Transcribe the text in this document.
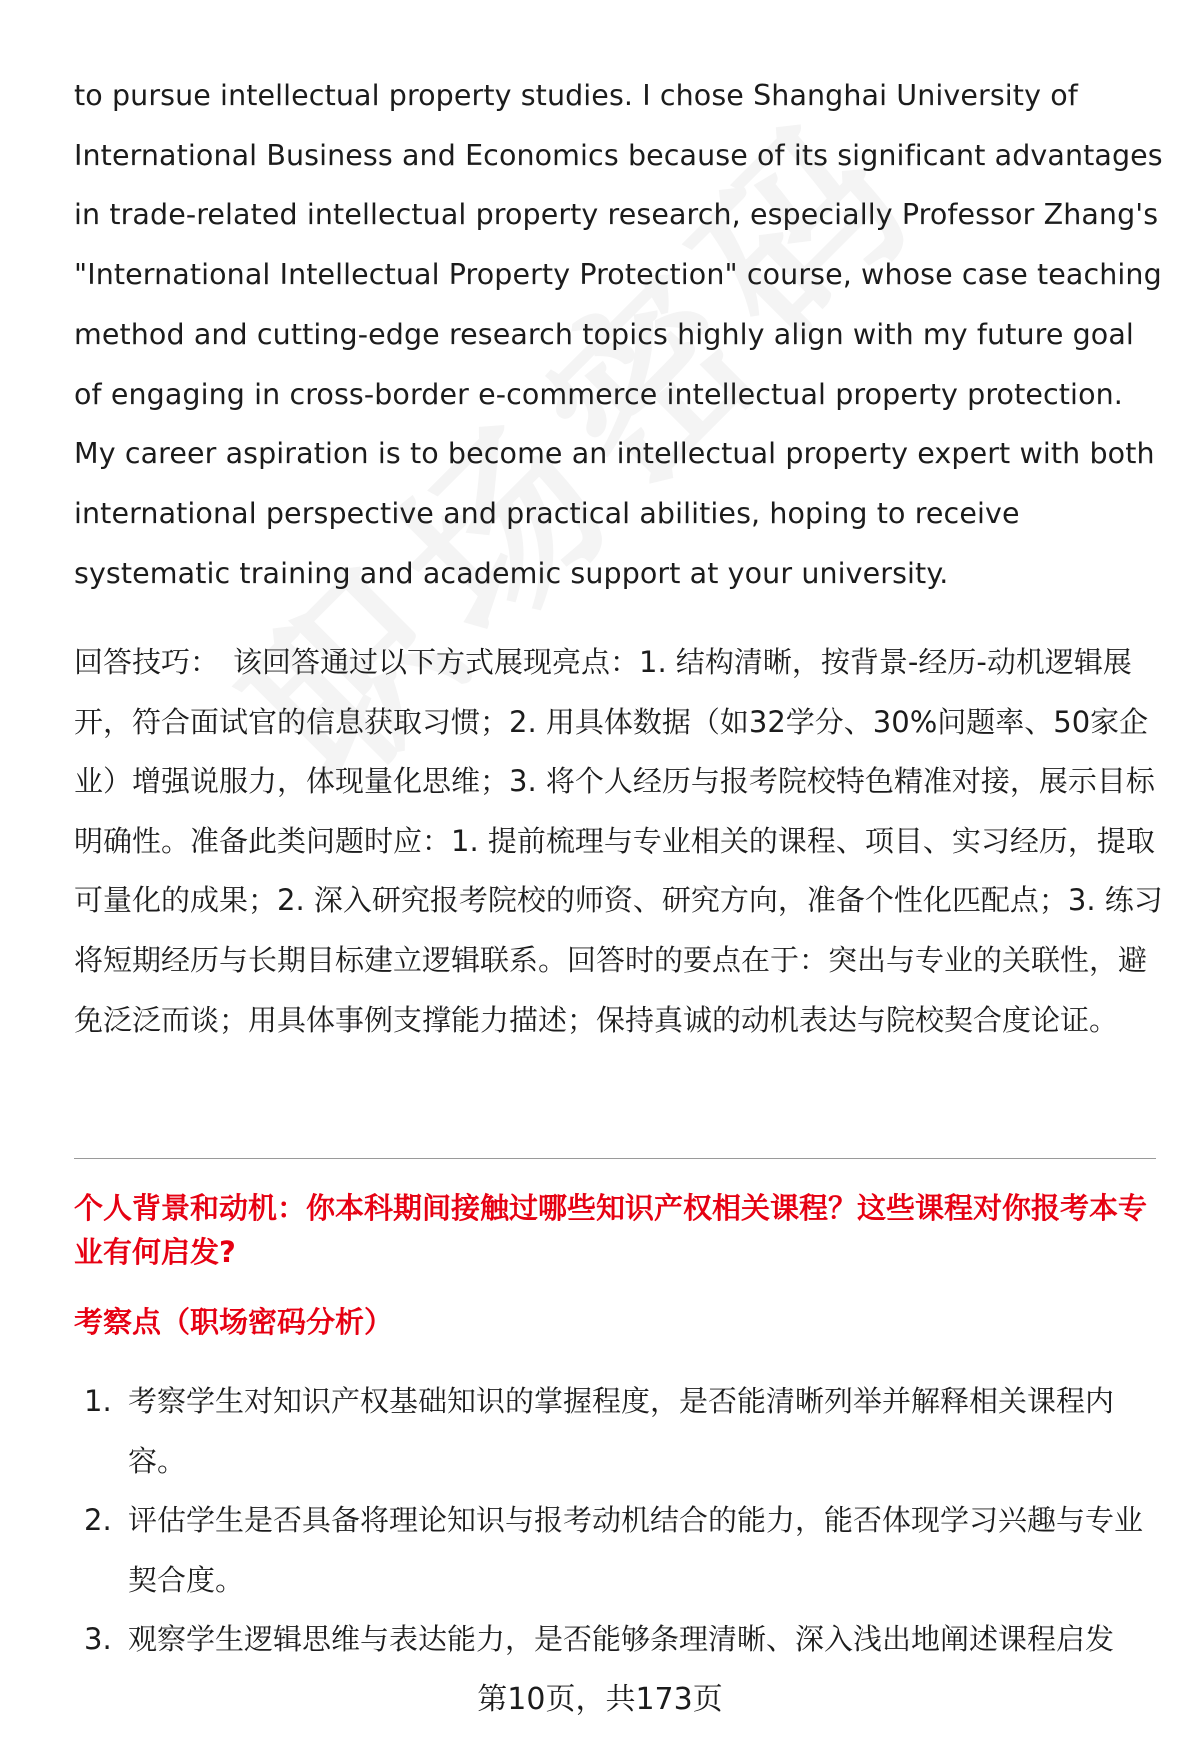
to pursue intellectual property studies. I chose Shanghai University of International Business and Economics because of its significant advantages in trade-related intellectual property research, especially Professor Zhang's "International Intellectual Property Protection" course, whose case teaching method and cutting-edge research topics highly align with my future goal of engaging in cross-border e-commerce intellectual property protection. My career aspiration is to become an intellectual property expert with both international perspective and practical abilities, hoping to receive systematic training and academic support at your university.

回答技巧： 该回答通过以下方式展现亮点：1. 结构清晰，按背景-经历-动机逻辑展开，符合面试官的信息获取习惯；2. 用具体数据（如32学分、30%问题率、50家企业）增强说服力，体现量化思维；3. 将个人经历与报考院校特色精准对接，展示目标明确性。准备此类问题时应：1. 提前梳理与专业相关的课程、项目、实习经历，提取可量化的成果；2. 深入研究报考院校的师资、研究方向，准备个性化匹配点；3. 练习将短期经历与长期目标建立逻辑联系。回答时的要点在于：突出与专业的关联性，避免泛泛而谈；用具体事例支撑能力描述；保持真诚的动机表达与院校契合度论证。

个人背景和动机：你本科期间接触过哪些知识产权相关课程？这些课程对你报考本专业有何启发?

考察点（职场密码分析）

1. 考察学生对知识产权基础知识的掌握程度，是否能清晰列举并解释相关课程内容。
2. 评估学生是否具备将理论知识与报考动机结合的能力，能否体现学习兴趣与专业契合度。
3. 观察学生逻辑思维与表达能力，是否能够条理清晰、深入浅出地阐述课程启发
第10页，共173页
